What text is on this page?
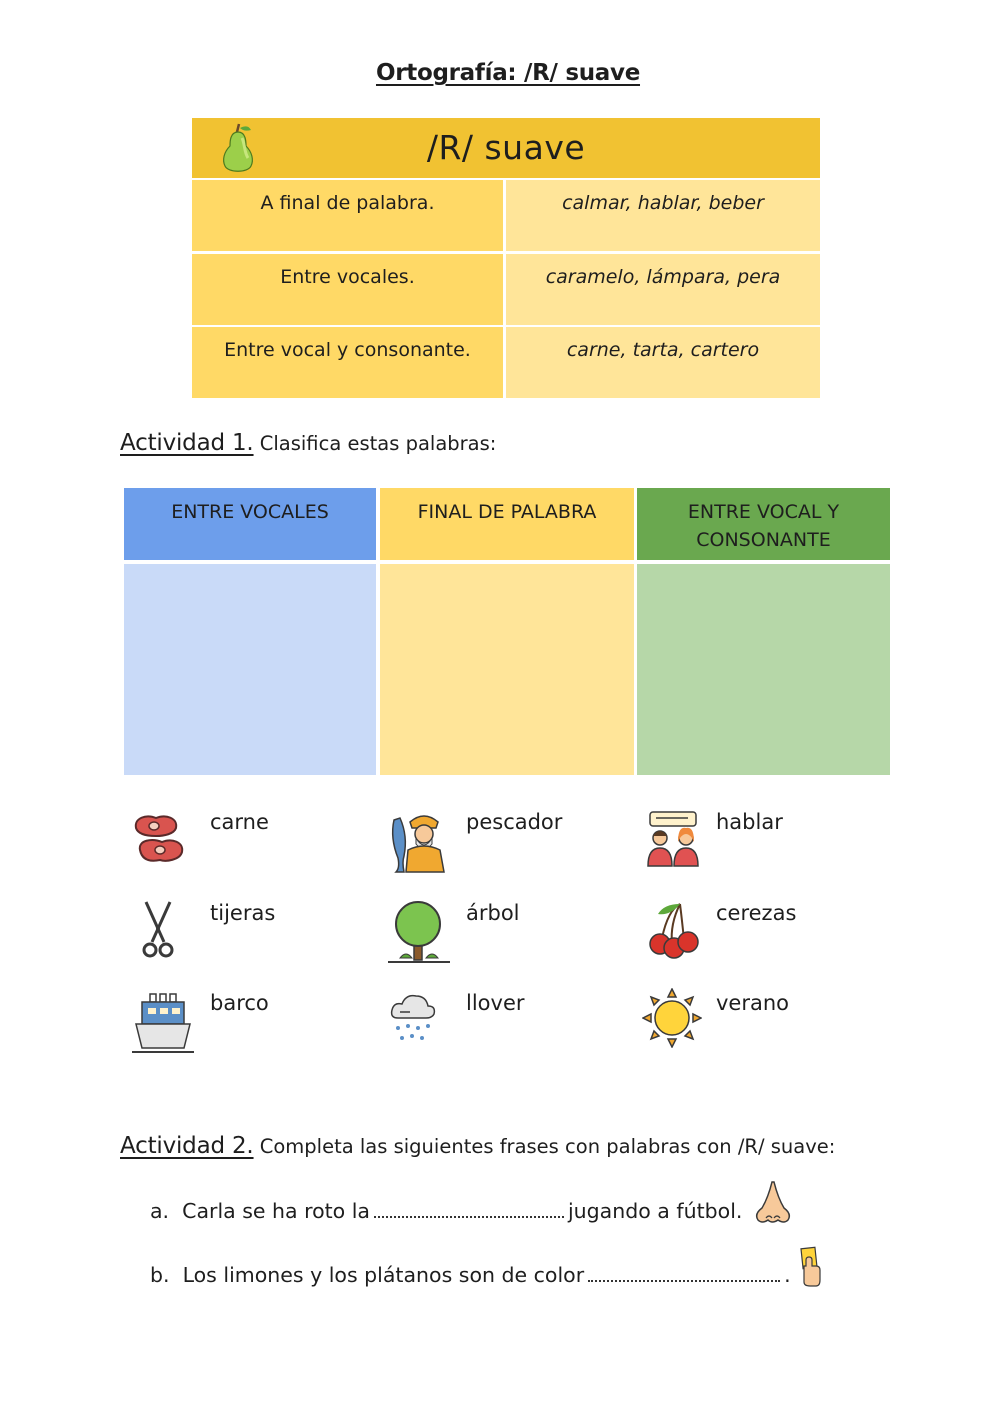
Ortografía: /R/ suave
/R/ suave
A final de palabra.	calmar, hablar, beber
Entre vocales.	caramelo, lámpara, pera
Entre vocal y consonante.	carne, tarta, cartero
Actividad 1. Clasifica estas palabras:
ENTRE VOCALES	FINAL DE PALABRA	ENTRE VOCAL Y
CONSONANTE
carne	pescador	hablar
tijeras	árbol	cerezas
barco	llover	verano
Actividad 2. Completa las siguientes frases con palabras con /R/ suave:
a. Carla se ha roto la	jugando a fútbol.
b. Los limones y los plátanos son de color	.
